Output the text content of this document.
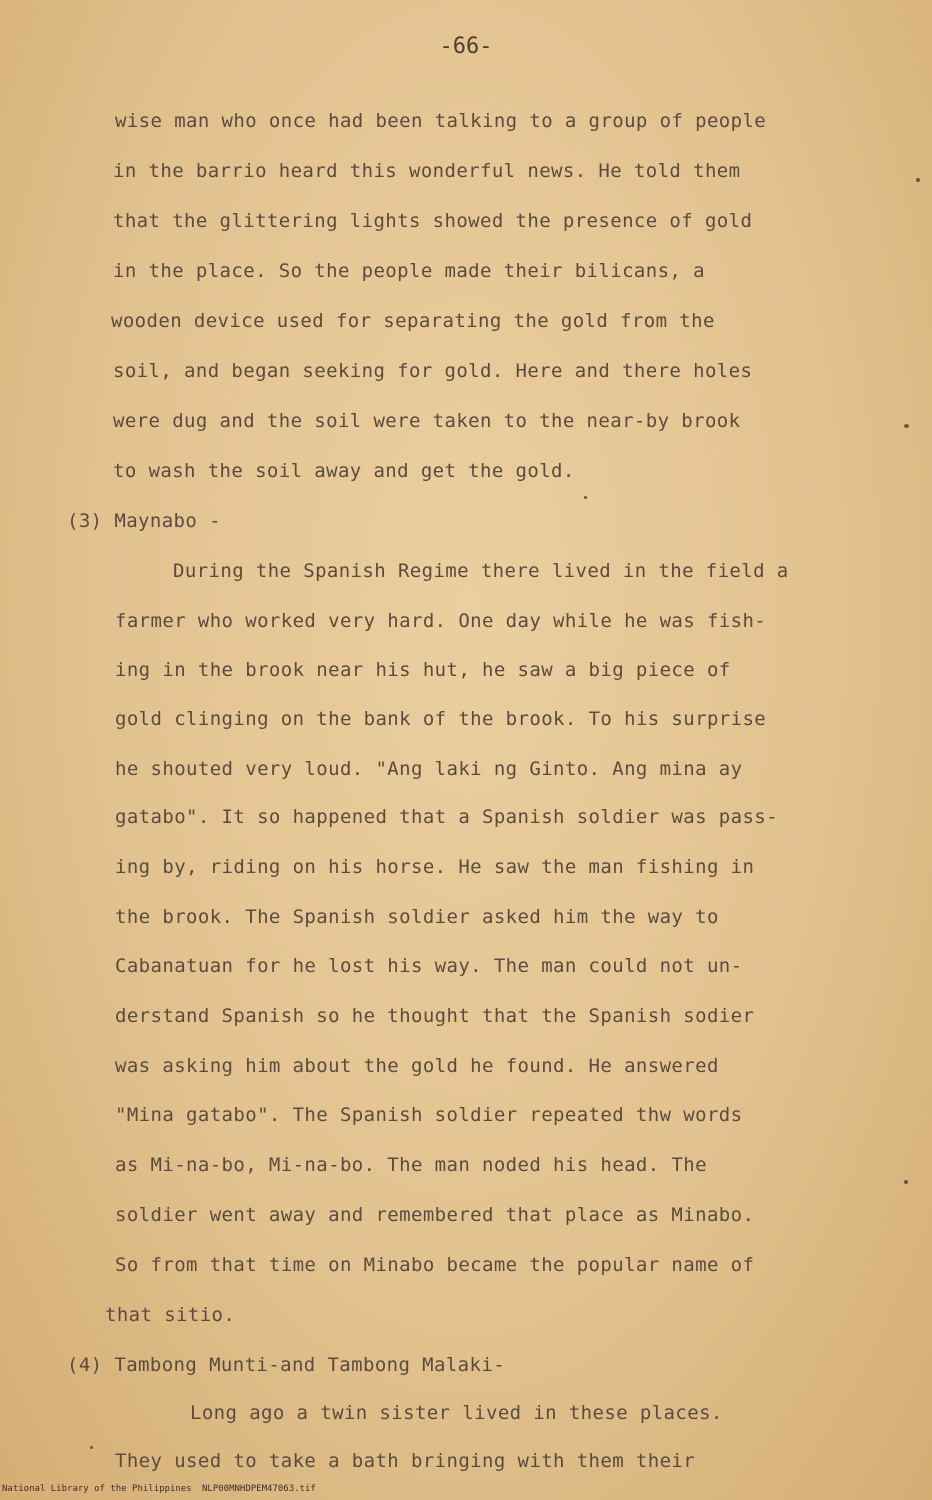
-66-
wise man who once had been talking to a group of people
in the barrio heard this wonderful news. He told them
that the glittering lights showed the presence of gold
in the place. So the people made their bilicans, a
wooden device used for separating the gold from the
soil, and began seeking for gold. Here and there holes
were dug and the soil were taken to the near-by brook
to wash the soil away and get the gold.
(3) Maynabo -
During the Spanish Regime there lived in the field a
farmer who worked very hard. One day while he was fish-
ing in the brook near his hut, he saw a big piece of
gold clinging on the bank of the brook. To his surprise
he shouted very loud. "Ang laki ng Ginto. Ang mina ay
gatabo". It so happened that a Spanish soldier was pass-
ing by, riding on his horse. He saw the man fishing in
the brook. The Spanish soldier asked him the way to
Cabanatuan for he lost his way. The man could not un-
derstand Spanish so he thought that the Spanish sodier
was asking him about the gold he found. He answered
"Mina gatabo". The Spanish soldier repeated thw words
as Mi-na-bo, Mi-na-bo. The man noded his head. The
soldier went away and remembered that place as Minabo.
So from that time on Minabo became the popular name of
that sitio.
(4) Tambong Munti-and Tambong Malaki-
Long ago a twin sister lived in these places.
They used to take a bath bringing with them their
National Library of the Philippines NLP00MNHDPEM47063.tif
